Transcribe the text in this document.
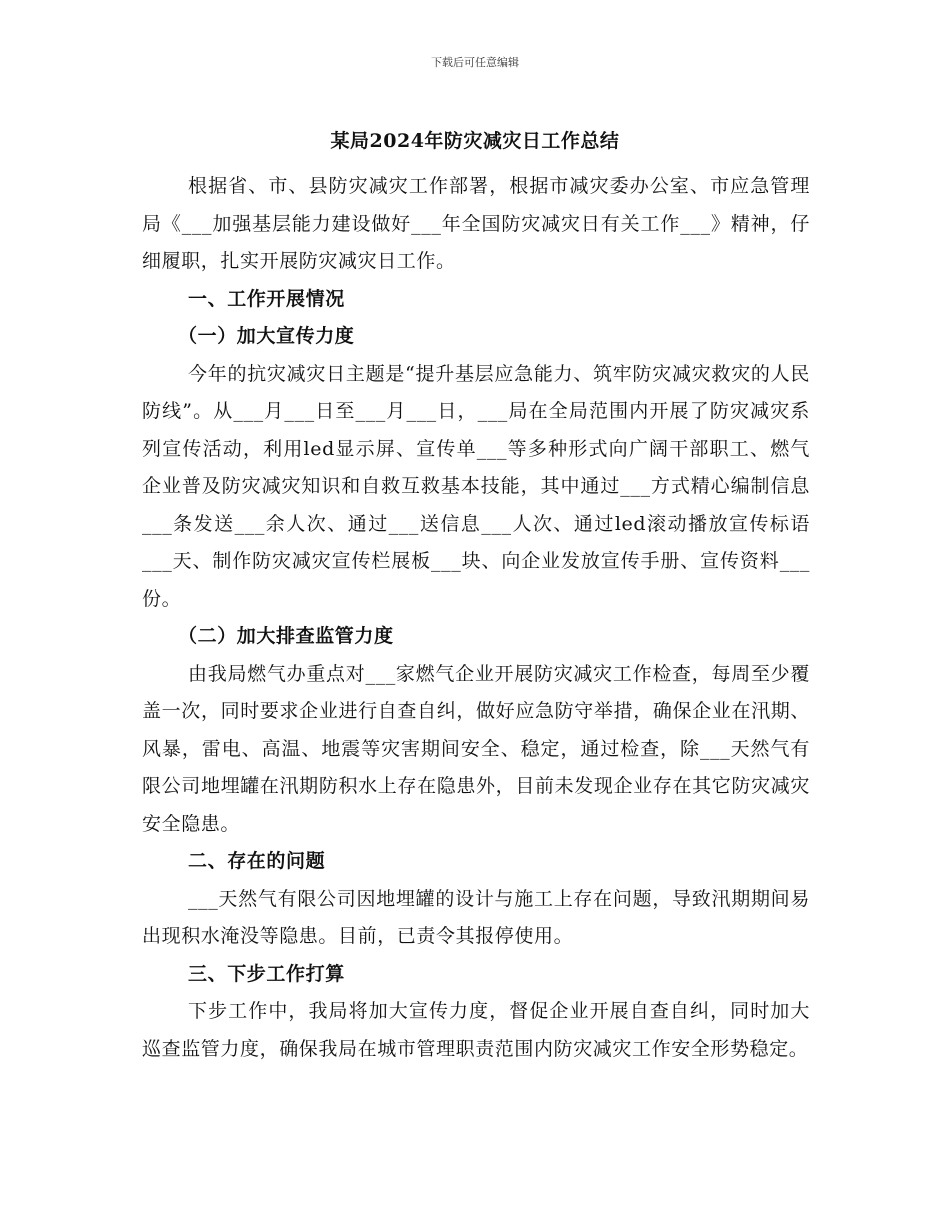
下载后可任意编辑
某局2024年防灾减灾日工作总结

根据省、市、县防灾减灾工作部署，根据市减灾委办公室、市应急管理局《___加强基层能力建设做好___年全国防灾减灾日有关工作___》精神，仔细履职，扎实开展防灾减灾日工作。

一、工作开展情况
（一）加大宣传力度

今年的抗灾减灾日主题是“提升基层应急能力、筑牢防灾减灾救灾的人民防线”。从___月___日至___月___日，___局在全局范围内开展了防灾减灾系列宣传活动，利用led显示屏、宣传单___等多种形式向广阔干部职工、燃气企业普及防灾减灾知识和自救互救基本技能，其中通过___方式精心编制信息___条发送___余人次、通过___送信息___人次、通过led滚动播放宣传标语___天、制作防灾减灾宣传栏展板___块、向企业发放宣传手册、宣传资料___份。

（二）加大排查监管力度

由我局燃气办重点对___家燃气企业开展防灾减灾工作检查，每周至少覆盖一次，同时要求企业进行自查自纠，做好应急防守举措，确保企业在汛期、风暴，雷电、高温、地震等灾害期间安全、稳定，通过检查，除___天然气有限公司地埋罐在汛期防积水上存在隐患外，目前未发现企业存在其它防灾减灾安全隐患。

二、存在的问题

___天然气有限公司因地埋罐的设计与施工上存在问题，导致汛期期间易出现积水淹没等隐患。目前，已责令其报停使用。

三、下步工作打算

下步工作中，我局将加大宣传力度，督促企业开展自查自纠，同时加大巡查监管力度，确保我局在城市管理职责范围内防灾减灾工作安全形势稳定。
